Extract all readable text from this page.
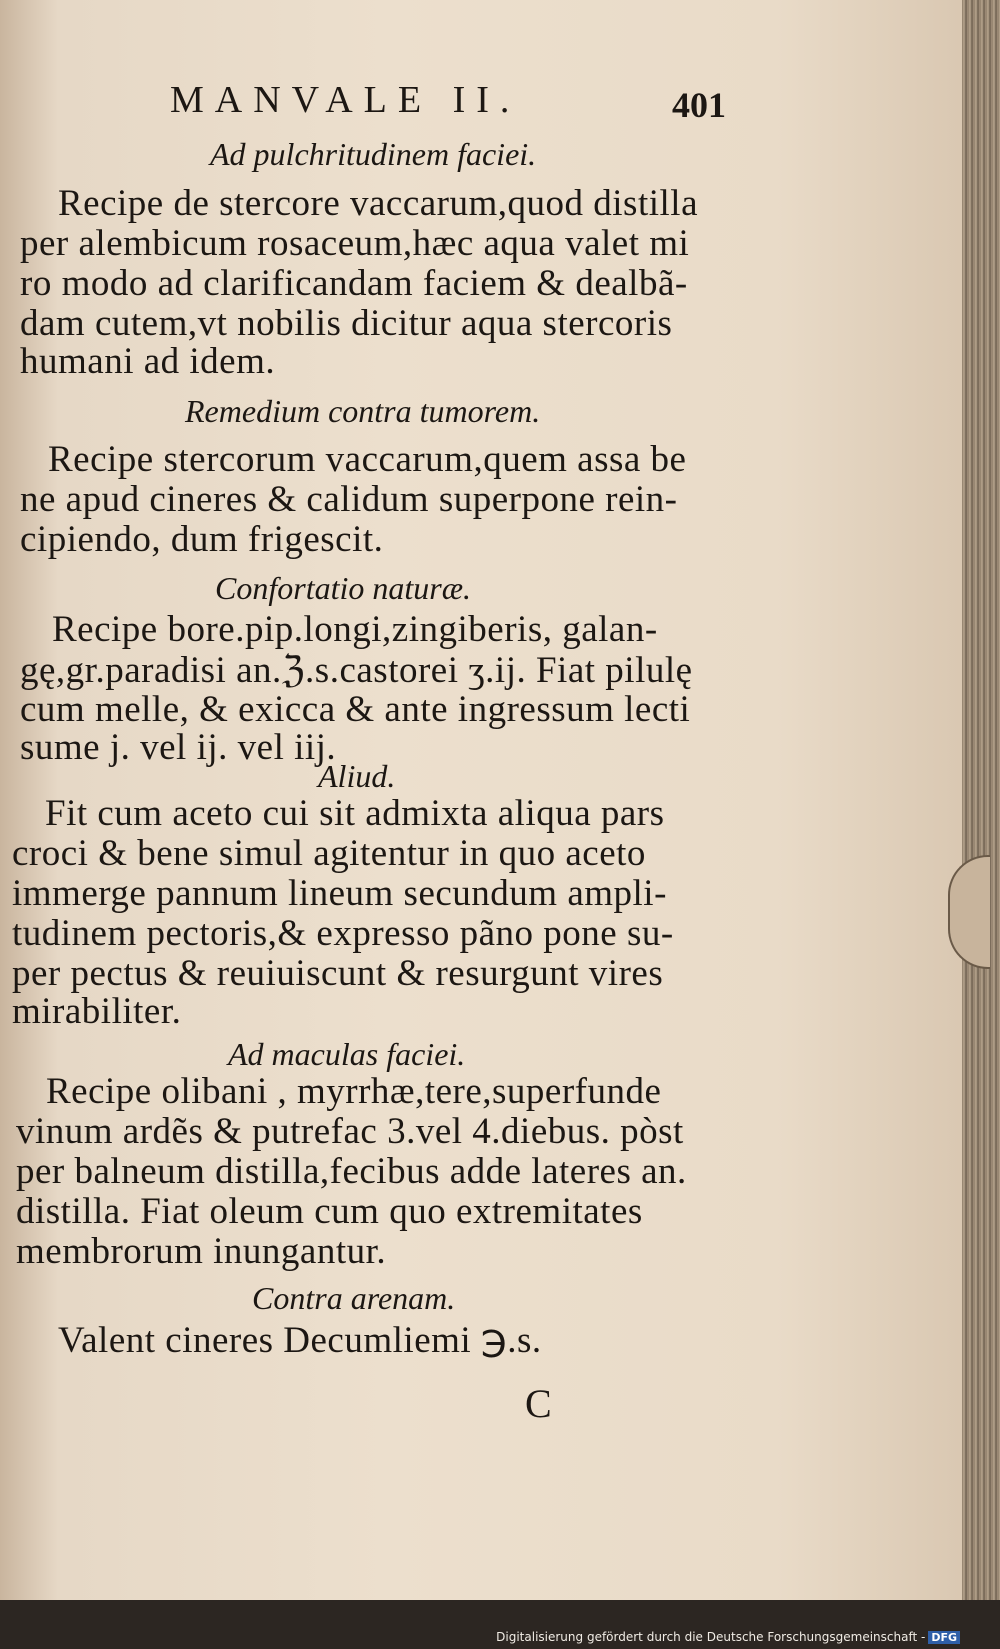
MANVALE II.	401
Ad pulchritudinem faciei.
Recipe de stercore vaccarum,quod distilla
per alembicum rosaceum,hæc aqua valet mi
ro modo ad clarificandam faciem & dealbã-
dam cutem,vt nobilis dicitur aqua stercoris
humani ad idem.
Remedium contra tumorem.
Recipe stercorum vaccarum,quem assa be
ne apud cineres & calidum superpone rein-
cipiendo, dum frigescit.
Confortatio naturæ.
Recipe bore.pip.longi,zingiberis, galan-
gę,gr.paradisi an.ℨ.s.castorei ʒ.ij. Fiat pilulę
cum melle, & exicca & ante ingressum lecti
sume j. vel ij. vel iij.
Aliud.
Fit cum aceto cui sit admixta aliqua pars
croci & bene simul agitentur in quo aceto
immerge pannum lineum secundum ampli-
tudinem pectoris,& expresso pãno pone su-
per pectus & reuiuiscunt & resurgunt vires
mirabiliter.
Ad maculas faciei.
Recipe olibani , myrrhæ,tere,superfunde
vinum ardẽs & putrefac 3.vel 4.diebus. pòst
per balneum distilla,fecibus adde lateres an.
distilla. Fiat oleum cum quo extremitates
membrorum inungantur.
Contra arenam.
Valent cineres Decumliemi ℈.s.
C
Digitalisierung gefördert durch die Deutsche Forschungsgemeinschaft - DFG
